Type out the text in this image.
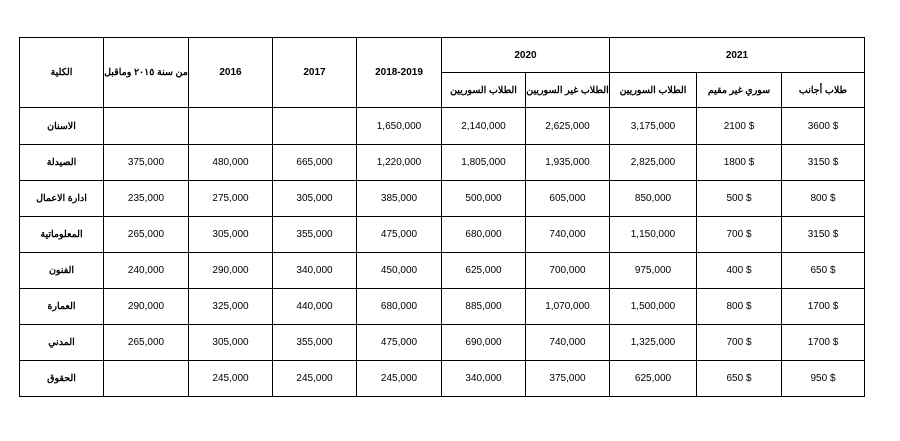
الكلية	من سنة ٢٠١٥ وماقبل	2016	2017	2018-2019	2020		2021		
					الطلاب السوريين	الطلاب غير السوريين	الطلاب السوريين	سوري غير مقيم	طلاب أجانب
الاسنان				1,650,000	2,140,000	2,625,000	3,175,000	2100 $	3600 $
الصيدلة	375,000	480,000	665,000	1,220,000	1,805,000	1,935,000	2,825,000	1800 $	3150 $
ادارة الاعمال	235,000	275,000	305,000	385,000	500,000	605,000	850,000	500 $	800 $
المعلوماتية	265,000	305,000	355,000	475,000	680,000	740,000	1,150,000	700 $	3150 $
الفنون	240,000	290,000	340,000	450,000	625,000	700,000	975,000	400 $	650 $
العمارة	290,000	325,000	440,000	680,000	885,000	1,070,000	1,500,000	800 $	1700 $
المدني	265,000	305,000	355,000	475,000	690,000	740,000	1,325,000	700 $	1700 $
الحقوق		245,000	245,000	245,000	340,000	375,000	625,000	650 $	950 $
